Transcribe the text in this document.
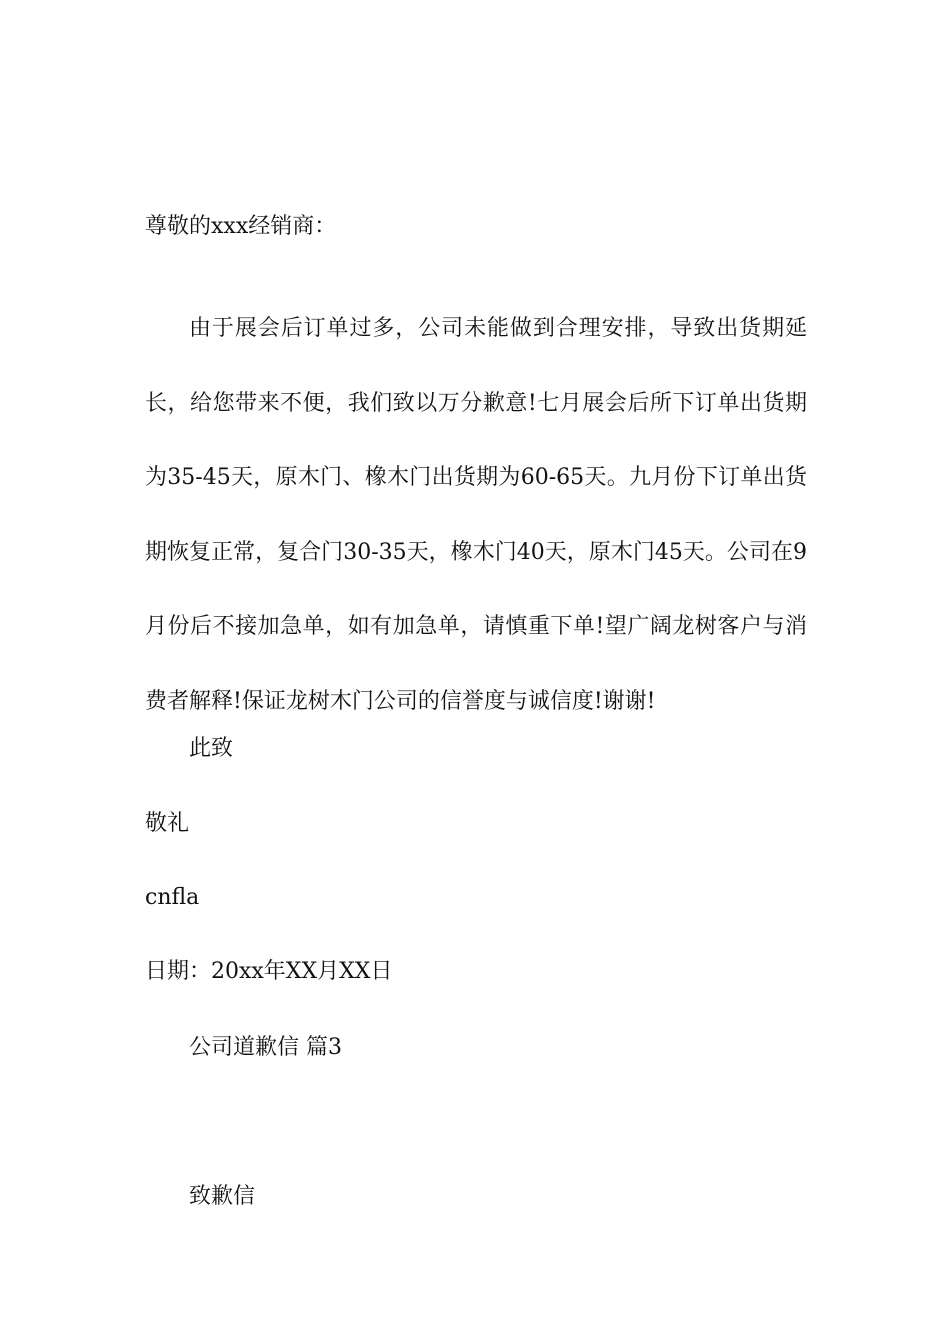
尊敬的xxx经销商：
由于展会后订单过多，公司未能做到合理安排，导致出货期延长，给您带来不便，我们致以万分歉意!七月展会后所下订单出货期为35-45天，原木门、橡木门出货期为60-65天。九月份下订单出货期恢复正常，复合门30-35天，橡木门40天，原木门45天。公司在9月份后不接加急单，如有加急单，请慎重下单!望广阔龙树客户与消费者解释!保证龙树木门公司的信誉度与诚信度!谢谢!
此致
敬礼
cnfla
日期：20xx年XX月XX日
公司道歉信 篇3
致歉信
